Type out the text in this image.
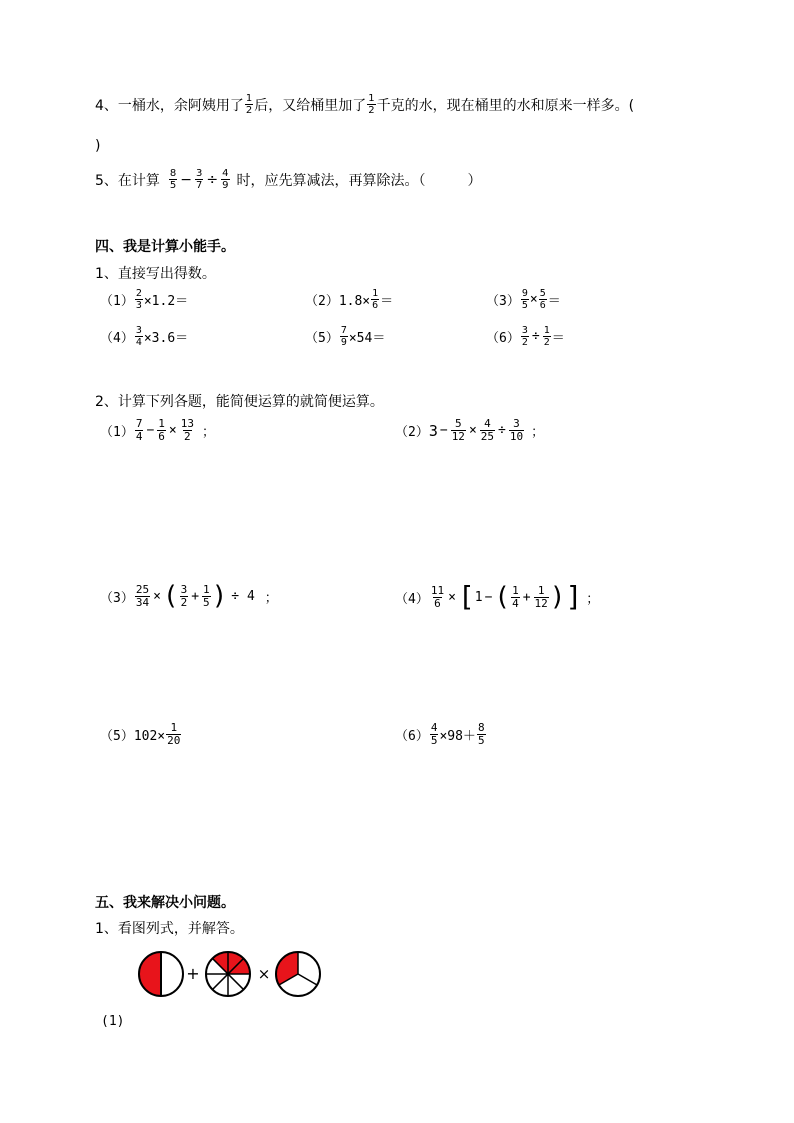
4、一桶水，余阿姨用了 $\frac{1}{2}$ 后，又给桶里加了 $\frac{1}{2}$ 千克的水，现在桶里的水和原来一样多。(
)
5、在计算 $\frac{8}{5} - \frac{3}{7} \div \frac{4}{9}$ 时，应先算减法，再算除法。（　　　）
四、我是计算小能手。
1、直接写出得数。
$(1) \frac{2}{3} \times 1.2=$	$(2)1.8\times \frac{1}{6}$ ＝	$(3) \frac{9}{5} \times \frac{5}{6}$ ＝
$(4) \frac{3}{4} \times 3.6=$	$(5) \frac{7}{9} \times 54=$	$(6) \frac{3}{2} \div \frac{1}{2}$ ＝
2、计算下列各题，能简便运算的就简便运算。
$(1) \frac{7}{4} - \frac{1}{6} \times \frac{13}{2}$ ；	（2） $3 - \frac{5}{12} \times \frac{4}{25} \div \frac{3}{10}$ ；
$(3) \frac{25}{34}$ × ( $\frac{3}{2} + \frac{1}{5}$ ) ÷ 4 ；	$(4) \frac{11}{6}$ × [ 1 − ( $\frac{1}{4} + \frac{1}{12}$ ) ] ；
$(5)102\times \frac{1}{20}$	$(6) \frac{4}{5} \times 98+ \frac{8}{5}$
五、我来解决小问题。
1、看图列式，并解答。
(1)
+	×
